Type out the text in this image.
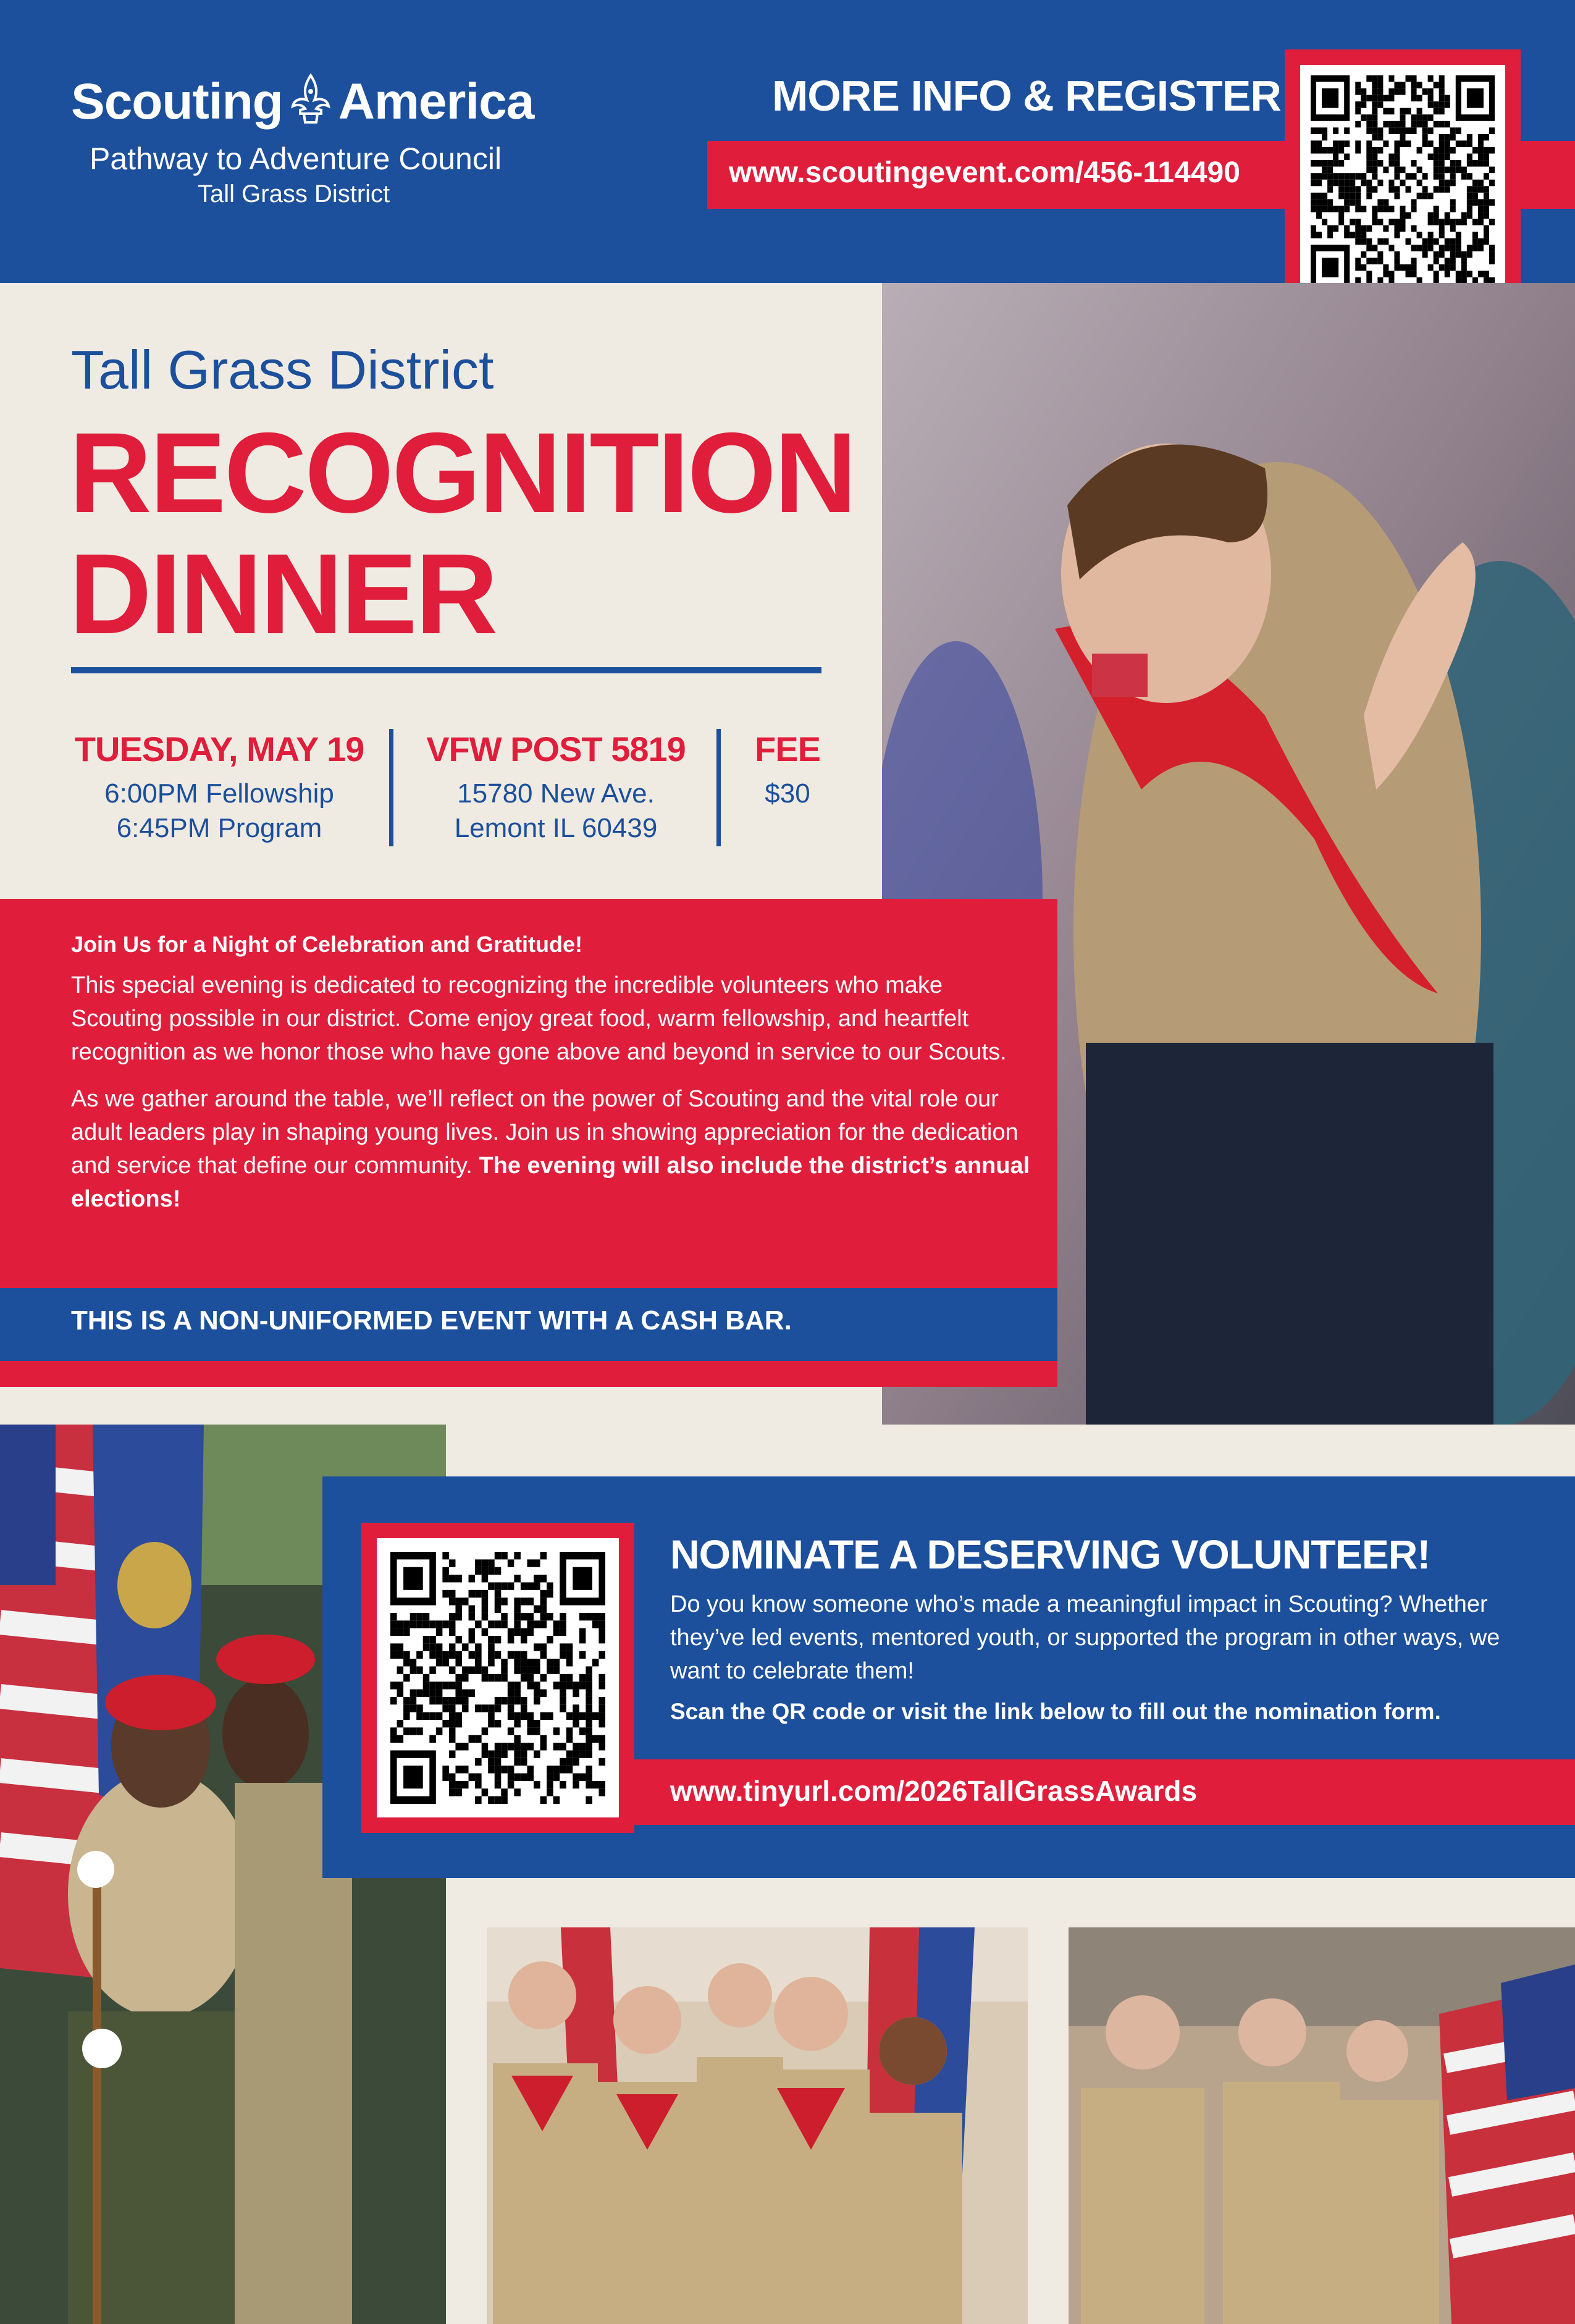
Scouting America
Pathway to Adventure Council
Tall Grass District
MORE INFO & REGISTER
www.scoutingevent.com/456-114490
Tall Grass District
RECOGNITION
DINNER
TUESDAY, MAY 19
6:00PM Fellowship
6:45PM Program
VFW POST 5819
15780 New Ave.
Lemont IL 60439
FEE
$30
Join Us for a Night of Celebration and Gratitude!

This special evening is dedicated to recognizing the incredible volunteers who make Scouting possible in our district. Come enjoy great food, warm fellowship, and heartfelt recognition as we honor those who have gone above and beyond in service to our Scouts.

As we gather around the table, we’ll reflect on the power of Scouting and the vital role our adult leaders play in shaping young lives. Join us in showing appreciation for the dedication and service that define our community. The evening will also include the district’s annual elections!

THIS IS A NON-UNIFORMED EVENT WITH A CASH BAR.
NOMINATE A DESERVING VOLUNTEER!
Do you know someone who’s made a meaningful impact in Scouting? Whether they’ve led events, mentored youth, or supported the program in other ways, we want to celebrate them!
Scan the QR code or visit the link below to fill out the nomination form.
www.tinyurl.com/2026TallGrassAwards
